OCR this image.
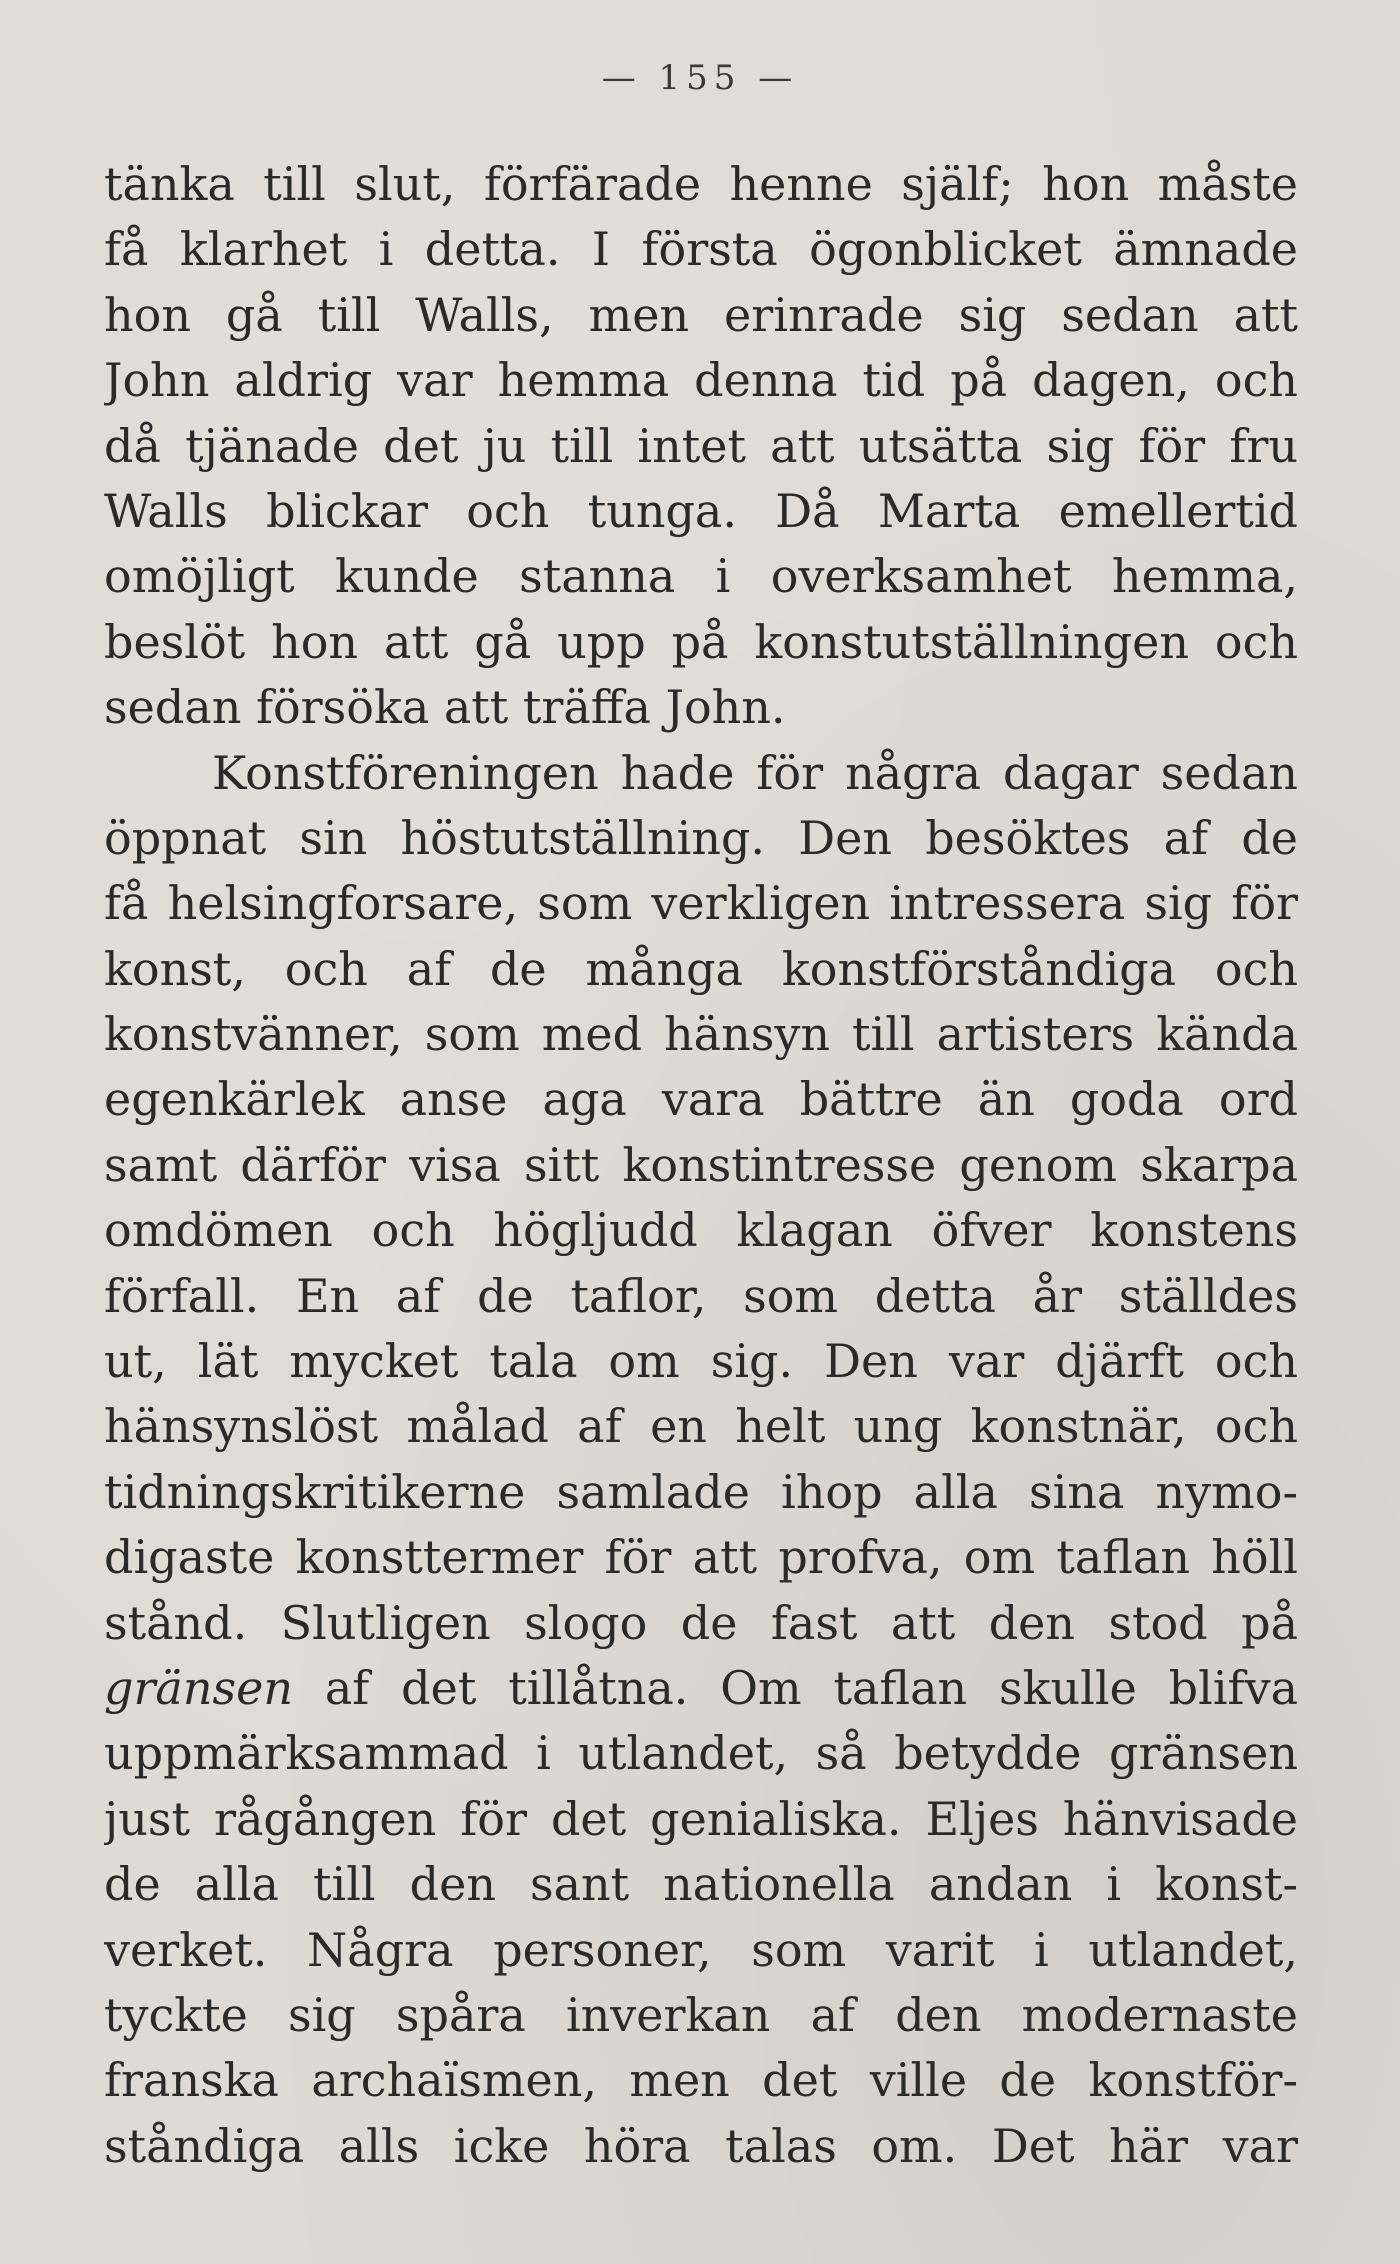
— 155 —
tänka till slut, förfärade henne själf; hon måste
få klarhet i detta. I första ögonblicket ämnade
hon gå till Walls, men erinrade sig sedan att
John aldrig var hemma denna tid på dagen, och
då tjänade det ju till intet att utsätta sig för fru
Walls blickar och tunga. Då Marta emellertid
omöjligt kunde stanna i overksamhet hemma,
beslöt hon att gå upp på konstutställningen och
sedan försöka att träffa John.
Konstföreningen hade för några dagar sedan
öppnat sin höstutställning. Den besöktes af de
få helsingforsare, som verkligen intressera sig för
konst, och af de många konstförståndiga och
konstvänner, som med hänsyn till artisters kända
egenkärlek anse aga vara bättre än goda ord
samt därför visa sitt konstintresse genom skarpa
omdömen och högljudd klagan öfver konstens
förfall. En af de taflor, som detta år ställdes
ut, lät mycket tala om sig. Den var djärft och
hänsynslöst målad af en helt ung konstnär, och
tidningskritikerne samlade ihop alla sina nymo-
digaste konsttermer för att profva, om taflan höll
stånd. Slutligen slogo de fast att den stod på
gränsen af det tillåtna. Om taflan skulle blifva
uppmärksammad i utlandet, så betydde gränsen
just rågången för det genialiska. Eljes hänvisade
de alla till den sant nationella andan i konst-
verket. Några personer, som varit i utlandet,
tyckte sig spåra inverkan af den modernaste
franska archaïsmen, men det ville de konstför-
ståndiga alls icke höra talas om. Det här var
